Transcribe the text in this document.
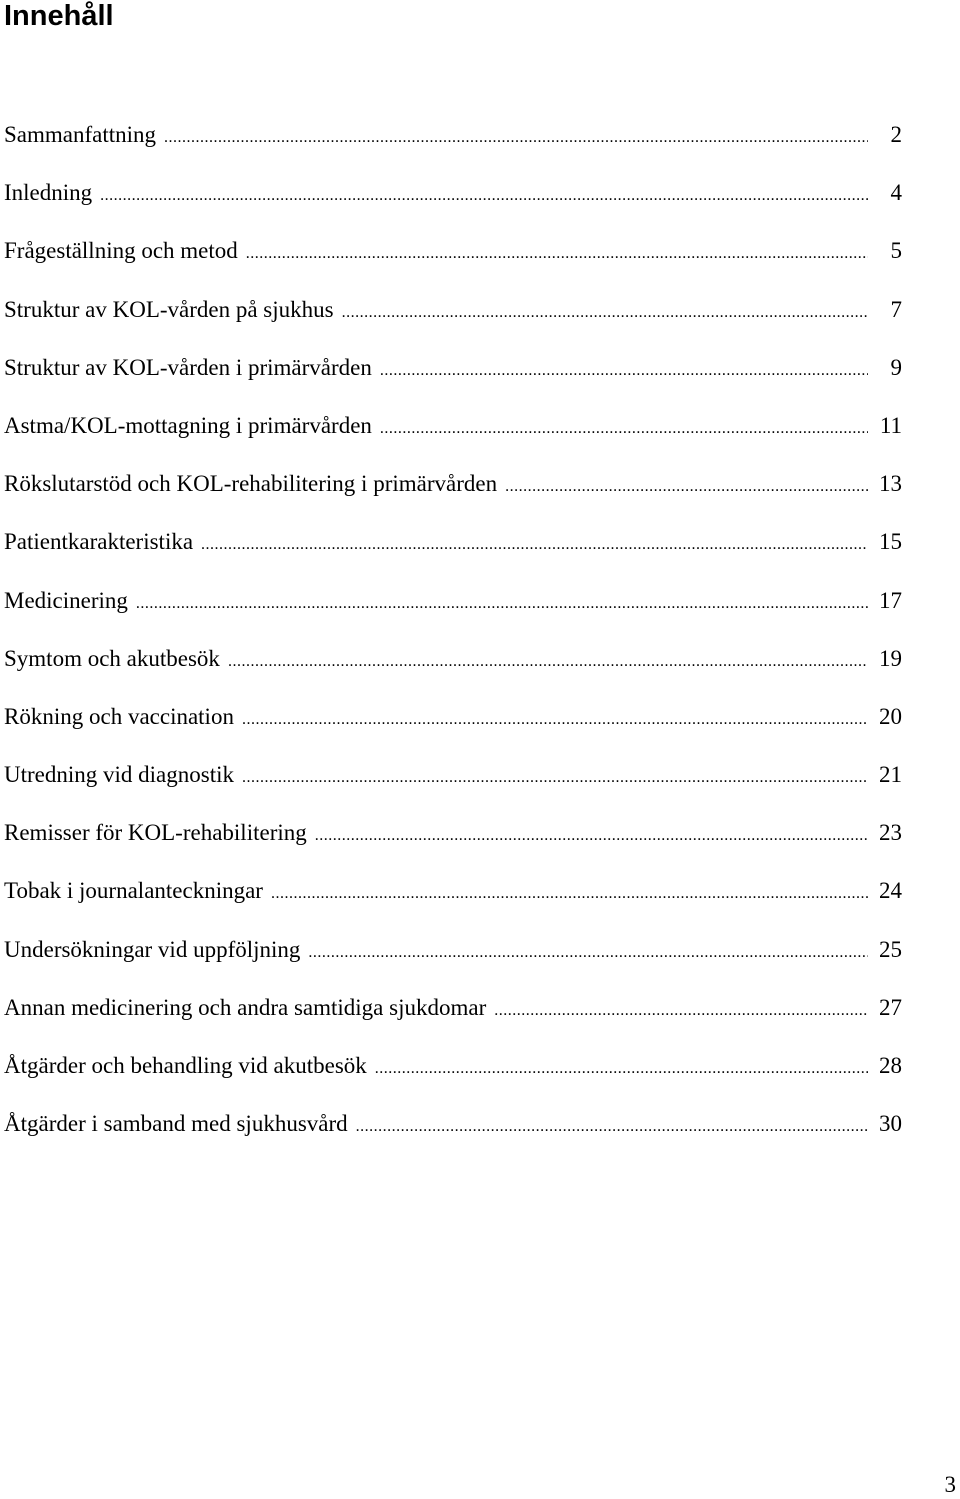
Innehåll
Sammanfattning .....	2
Inledning .....	4
Frågeställning och metod .....	5
Struktur av KOL-vården på sjukhus .....	7
Struktur av KOL-vården i primärvården .....	9
Astma/KOL-mottagning i primärvården .....	11
Rökslutarstöd och KOL-rehabilitering i primärvården .....	13
Patientkarakteristika .....	15
Medicinering .....	17
Symtom och akutbesök .....	19
Rökning och vaccination .....	20
Utredning vid diagnostik .....	21
Remisser för KOL-rehabilitering .....	23
Tobak i journalanteckningar .....	24
Undersökningar vid uppföljning .....	25
Annan medicinering och andra samtidiga sjukdomar .....	27
Åtgärder och behandling vid akutbesök .....	28
Åtgärder i samband med sjukhusvård .....	30
3
